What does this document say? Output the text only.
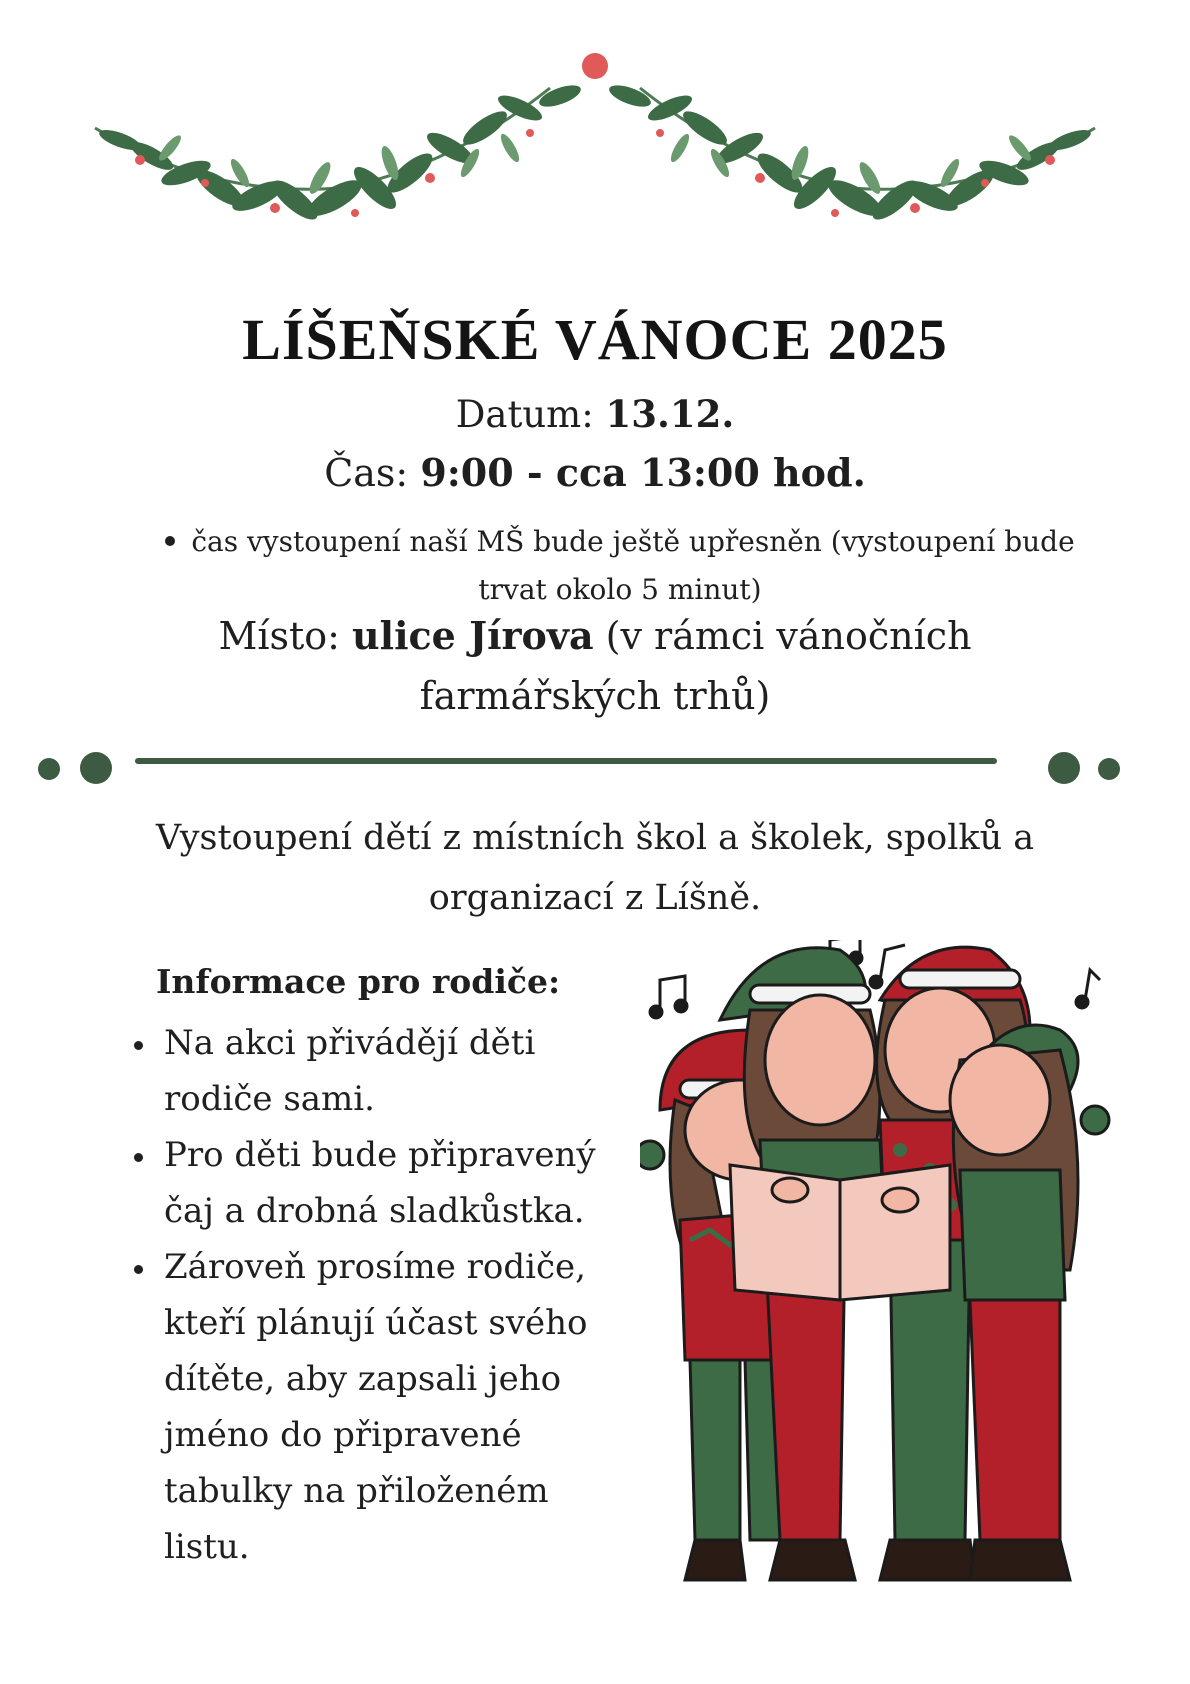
LÍŠEŇSKÉ VÁNOCE 2025
Datum: 13.12.
Čas: 9:00 - cca 13:00 hod.
čas vystoupení naší MŠ bude ještě upřesněn (vystoupení bude trvat okolo 5 minut)
Místo: ulice Jírova (v rámci vánočních farmářských trhů)
Vystoupení dětí z místních škol a školek, spolků a organizací z Líšně.
Informace pro rodiče:
Na akci přivádějí děti rodiče sami.
Pro děti bude připravený čaj a drobná sladkůstka.
Zároveň prosíme rodiče, kteří plánují účast svého dítěte, aby zapsali jeho jméno do připravené tabulky na přiloženém listu.
